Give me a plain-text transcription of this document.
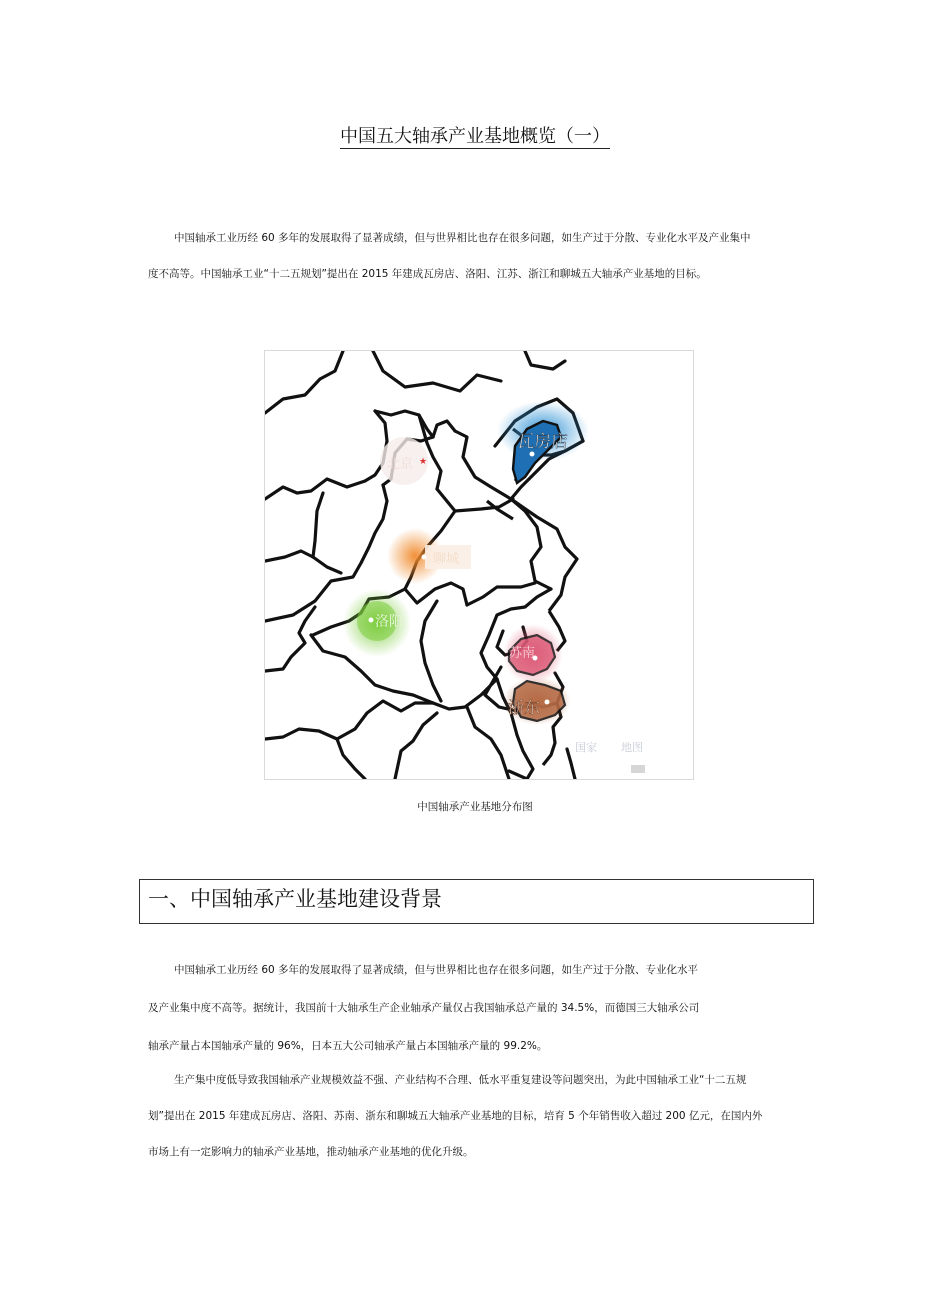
中国五大轴承产业基地概览（一）
中国轴承工业历经 60 多年的发展取得了显著成绩，但与世界相比也存在很多问题，如生产过于分散、专业化水平及产业集中
度不高等。中国轴承工业“十二五规划”提出在 2015 年建成瓦房店、洛阳、江苏、浙江和聊城五大轴承产业基地的目标。
瓦房店
北京 ★
聊城
洛阳
苏南
浙东
国家 地图
中国轴承产业基地分布图
一、中国轴承产业基地建设背景
中国轴承工业历经 60 多年的发展取得了显著成绩，但与世界相比也存在很多问题，如生产过于分散、专业化水平
及产业集中度不高等。据统计，我国前十大轴承生产企业轴承产量仅占我国轴承总产量的 34.5%，而德国三大轴承公司
轴承产量占本国轴承产量的 96%，日本五大公司轴承产量占本国轴承产量的 99.2%。
生产集中度低导致我国轴承产业规模效益不强、产业结构不合理、低水平重复建设等问题突出，为此中国轴承工业“十二五规
划”提出在 2015 年建成瓦房店、洛阳、苏南、浙东和聊城五大轴承产业基地的目标，培育 5 个年销售收入超过 200 亿元，在国内外
市场上有一定影响力的轴承产业基地，推动轴承产业基地的优化升级。
